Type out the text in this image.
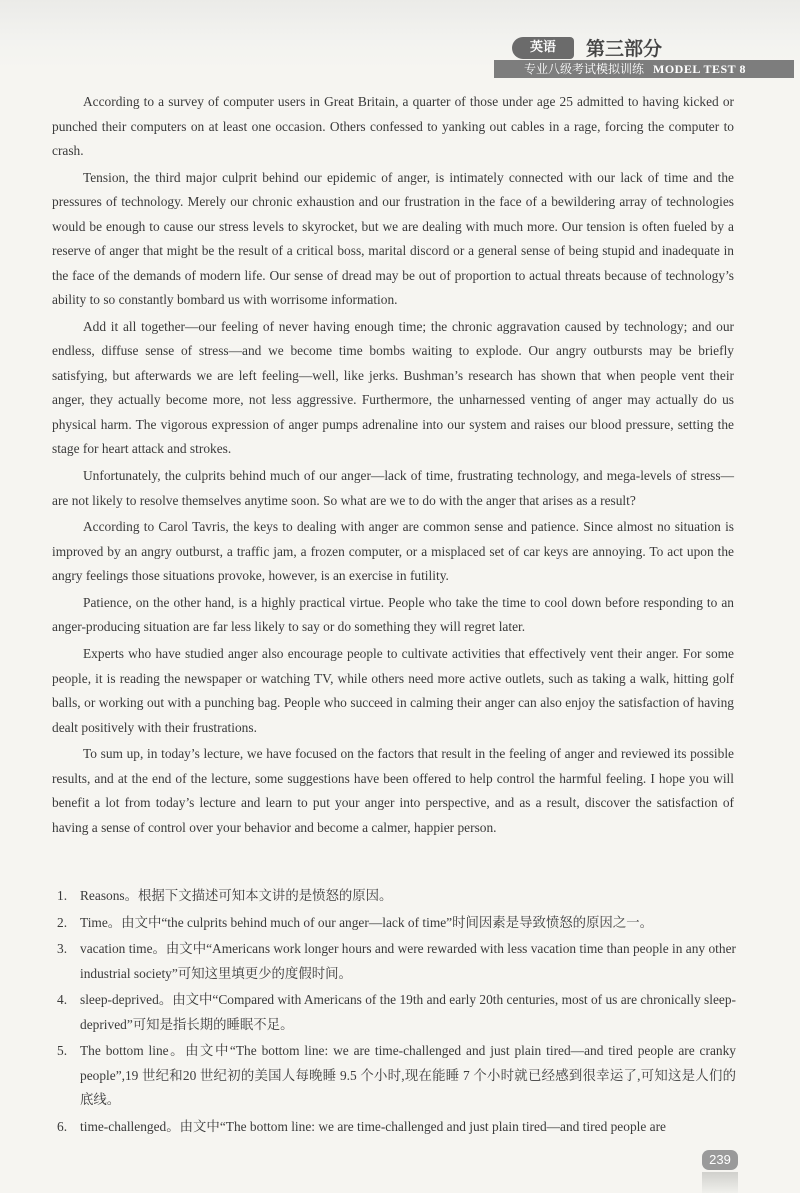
英语	第三部分
专业八级考试模拟训练 MODEL TEST 8

According to a survey of computer users in Great Britain, a quarter of those under age 25 admitted to having kicked or punched their computers on at least one occasion. Others confessed to yanking out cables in a rage, forcing the computer to crash.

Tension, the third major culprit behind our epidemic of anger, is intimately connected with our lack of time and the pressures of technology. Merely our chronic exhaustion and our frustration in the face of a bewildering array of technologies would be enough to cause our stress levels to skyrocket, but we are dealing with much more. Our tension is often fueled by a reserve of anger that might be the result of a critical boss, marital discord or a general sense of being stupid and inadequate in the face of the demands of modern life. Our sense of dread may be out of proportion to actual threats because of technology’s ability to so constantly bombard us with worrisome information.

Add it all together—our feeling of never having enough time; the chronic aggravation caused by technology; and our endless, diffuse sense of stress—and we become time bombs waiting to explode. Our angry outbursts may be briefly satisfying, but afterwards we are left feeling—well, like jerks. Bushman’s research has shown that when people vent their anger, they actually become more, not less aggressive. Furthermore, the unharnessed venting of anger may actually do us physical harm. The vigorous expression of anger pumps adrenaline into our system and raises our blood pressure, setting the stage for heart attack and strokes.

Unfortunately, the culprits behind much of our anger—lack of time, frustrating technology, and mega-levels of stress—are not likely to resolve themselves anytime soon. So what are we to do with the anger that arises as a result?

According to Carol Tavris, the keys to dealing with anger are common sense and patience. Since almost no situation is improved by an angry outburst, a traffic jam, a frozen computer, or a misplaced set of car keys are annoying. To act upon the angry feelings those situations provoke, however, is an exercise in futility.

Patience, on the other hand, is a highly practical virtue. People who take the time to cool down before responding to an anger-producing situation are far less likely to say or do something they will regret later.

Experts who have studied anger also encourage people to cultivate activities that effectively vent their anger. For some people, it is reading the newspaper or watching TV, while others need more active outlets, such as taking a walk, hitting golf balls, or working out with a punching bag. People who succeed in calming their anger can also enjoy the satisfaction of having dealt positively with their frustrations.

To sum up, in today’s lecture, we have focused on the factors that result in the feeling of anger and reviewed its possible results, and at the end of the lecture, some suggestions have been offered to help control the harmful feeling. I hope you will benefit a lot from today’s lecture and learn to put your anger into perspective, and as a result, discover the satisfaction of having a sense of control over your behavior and become a calmer, happier person.

1. Reasons。根据下文描述可知本文讲的是愤怒的原因。
2. Time。由文中“the culprits behind much of our anger—lack of time”时间因素是导致愤怒的原因之一。
3. vacation time。由文中“Americans work longer hours and were rewarded with less vacation time than people in any other industrial society”可知这里填更少的度假时间。
4. sleep-deprived。由文中“Compared with Americans of the 19th and early 20th centuries, most of us are chronically sleep-deprived”可知是指长期的睡眠不足。
5. The bottom line。由文中“The bottom line: we are time-challenged and just plain tired—and tired people are cranky people”,19 世纪和20 世纪初的美国人每晚睡 9.5 个小时,现在能睡 7 个小时就已经感到很幸运了,可知这是人们的底线。
6. time-challenged。由文中“The bottom line: we are time-challenged and just plain tired—and tired people are
239
